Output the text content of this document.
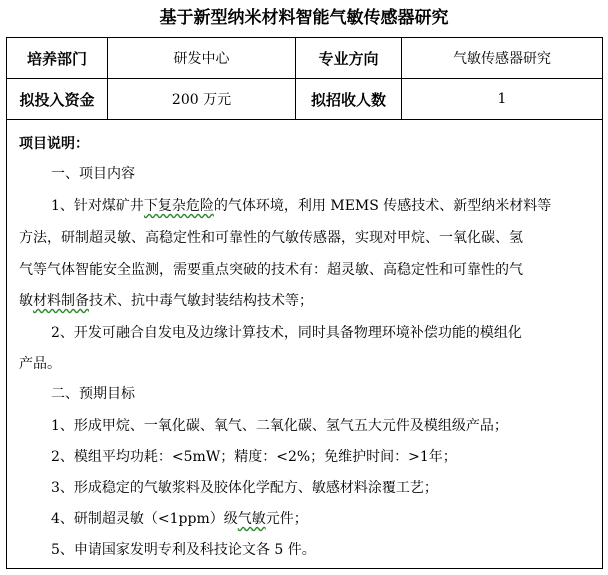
基于新型纳米材料智能气敏传感器研究
培养部门	研发中心	专业方向	气敏传感器研究
拟投入资金	200 万元	拟招收人数	1
项目说明：
一、项目内容
1、针对煤矿井下复杂危险的气体环境，利用 MEMS 传感技术、新型纳米材料等
方法，研制超灵敏、高稳定性和可靠性的气敏传感器，实现对甲烷、一氧化碳、氢
气等气体智能安全监测，需要重点突破的技术有：超灵敏、高稳定性和可靠性的气
敏材料制备技术、抗中毒气敏封装结构技术等；
2、开发可融合自发电及边缘计算技术，同时具备物理环境补偿功能的模组化
产品。
二、预期目标
1、形成甲烷、一氧化碳、氧气、二氧化碳、氢气五大元件及模组级产品；
2、模组平均功耗：<5mW；精度：<2%；免维护时间：>1年；
3、形成稳定的气敏浆料及胶体化学配方、敏感材料涂覆工艺；
4、研制超灵敏（<1ppm）级气敏元件；
5、申请国家发明专利及科技论文各 5 件。
